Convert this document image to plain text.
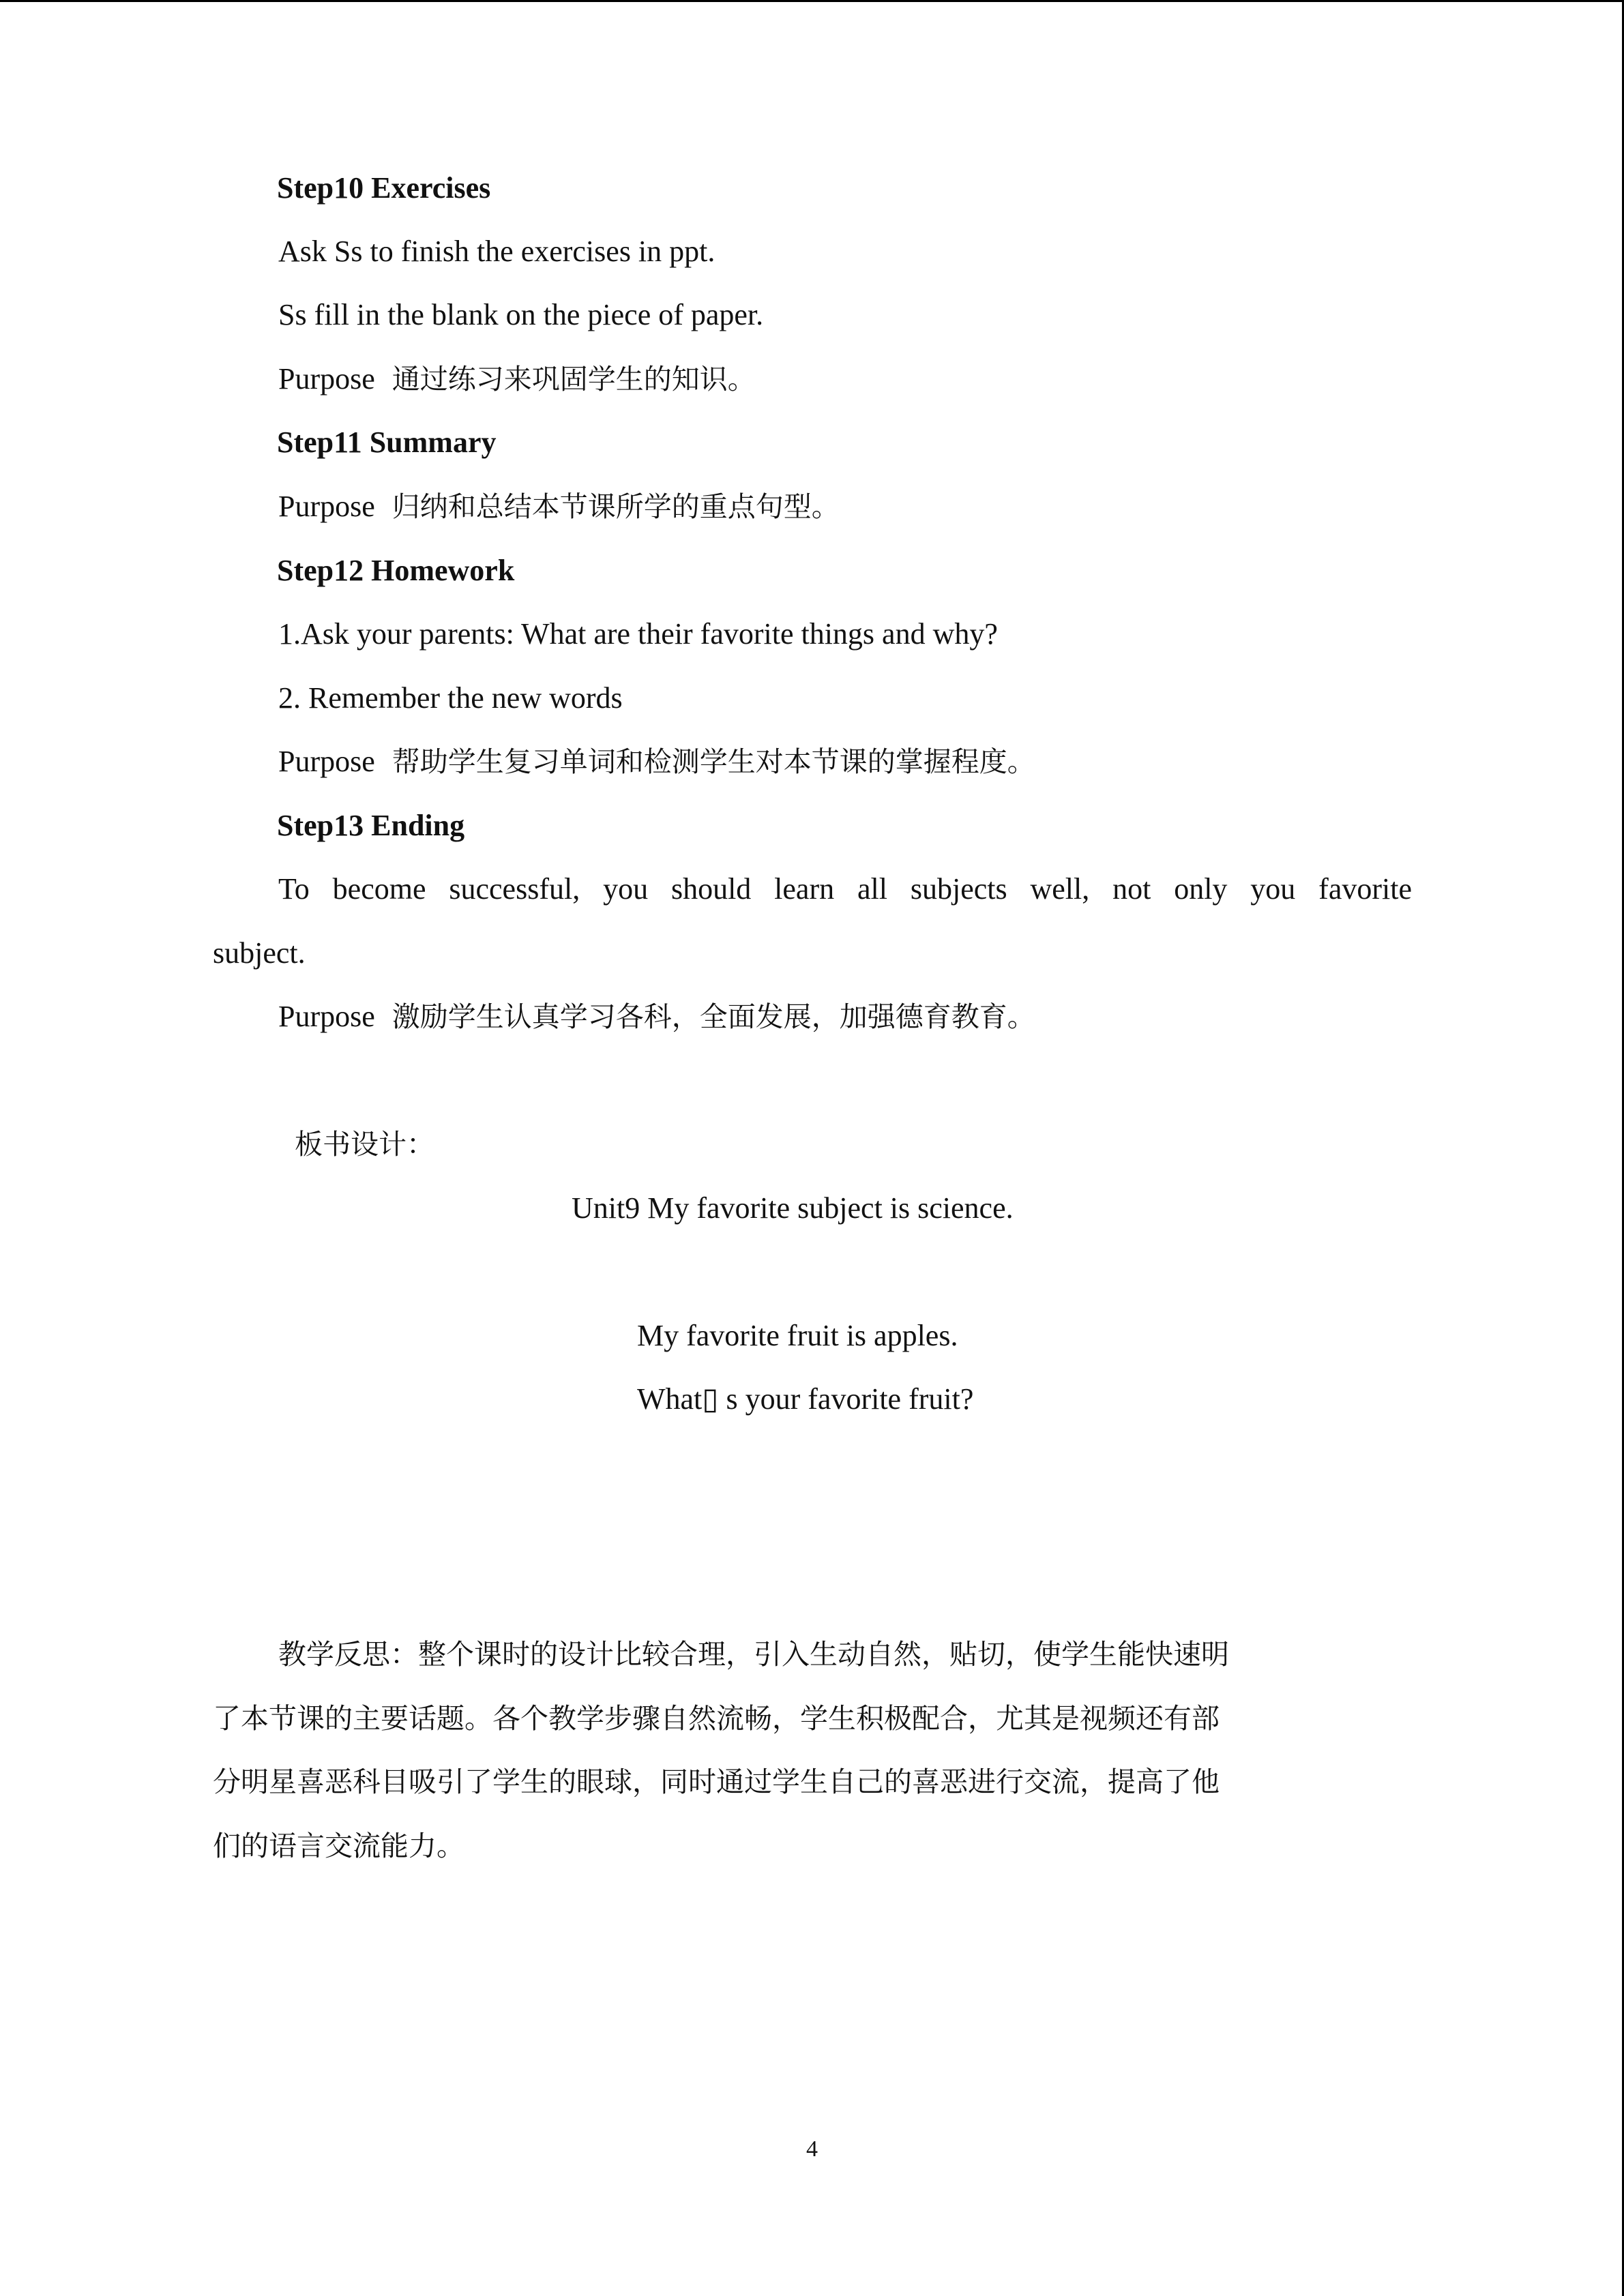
Step10 Exercises
Ask Ss to finish the exercises in ppt.
Ss fill in the blank on the piece of paper.
Purpose 通过练习来巩固学生的知识。
Step11 Summary
Purpose 归纳和总结本节课所学的重点句型。
Step12 Homework
1.Ask your parents: What are their favorite things and why?
2. Remember the new words
Purpose 帮助学生复习单词和检测学生对本节课的掌握程度。
Step13 Ending
To become successful, you should learn all subjects well, not only you favorite
subject.
Purpose 激励学生认真学习各科，全面发展，加强德育教育。
板书设计：
Unit9 My favorite subject is science.
My favorite fruit is apples.
What▯ s your favorite fruit?
教学反思：整个课时的设计比较合理，引入生动自然，贴切，使学生能快速明
了本节课的主要话题。各个教学步骤自然流畅，学生积极配合，尤其是视频还有部
分明星喜恶科目吸引了学生的眼球，同时通过学生自己的喜恶进行交流，提高了他
们的语言交流能力。
4
